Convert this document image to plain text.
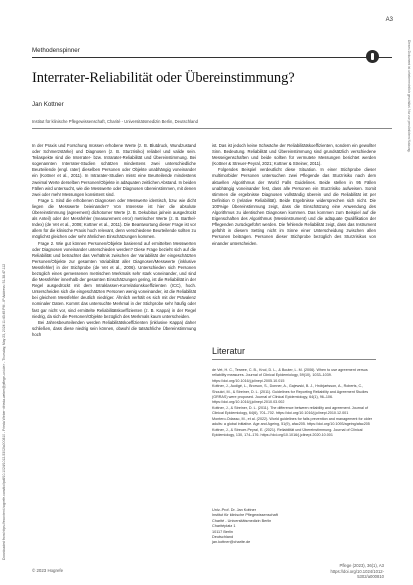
Downloaded from https://econtent.hogrefe.com/doi/pdf/10.1024/1012-5302/a000810 - Frieda Weber <frieda.weber@pflege-uni.de> - Thursday, May 23, 2024 11:43:45 PM - IP Address: 51.38.47.112
Dieses Dokument ist urheberrechtlich geschützt. Nur zur persönlichen Nutzung.
A3
Methodenspinner
Interrater-Reliabilität oder Übereinstimmung?
Jan Kottner
Institut für klinische Pflegewissenschaft, Charité - Universitätsmedizin Berlin, Deutschland

In der Praxis und Forschung müssen erhobene Werte (z. B. Blutdruck, Wundzustand oder Schmerzstärke) und Diagnosen (z. B. Sturzrisiko) reliabel und valide sein. Teilaspekte sind die Interrater- bzw. Intrarater-Reliabilität und Übereinstimmung. Bei sogenannten Interrater-Studien schätzen mindestens zwei unterschiedliche Beurteilende (engl. rater) dieselben Personen oder Objekte unabhängig voneinander ein (Kottner et al., 2011). In Intrarater-Studien misst eine Beurteilende mindestens zweimal Werte derselben Personen/Objekte in adäquaten zeitlichen Abstand. In beiden Fällen wird untersucht, wie die Messwerte oder Diagnosen übereinstimmen, mit denen zwei oder mehr Messungen konsistent sind.

Frage 1. Sind die erhobenen Diagnosen oder Messwerte identisch, bzw. wie dicht liegen die Messwerte beieinander? Von Interesse ist hier die absolute Übereinstimmung (agreement) dichotomer Werte (z. B. Dekubitus ja/nein ausgedrückt als Anteil) oder der Messfehler (measurement error) metrischer Werte (z. B. Barthel-Index) (de Vet et al., 2006; Kottner et al., 2011). Die Beantwortung dieser Frage ist vor allem für die klinische Praxis hoch relevant, denn verschiedene Beurteilende sollten zu möglichst gleichen oder sehr ähnlichen Einschätzungen kommen.

Frage 2. Wie gut können Personen/Objekte basierend auf ermittelten Messwerten oder Diagnosen voneinander unterschieden werden? Diese Frage bezieht sich auf die Reliabilität und betrachtet das Verhältnis zwischen der Variabilität der eingeschätzten Personen/Objekte zur gesamten Variabilität aller Diagnosen/Messwerte (inklusive Messfehler) in der Stichprobe (de Vet et al., 2006). Unterschieden sich Personen bezüglich eines gemessenen metrischen Merkmals sehr stark voneinander, und sind die Messfehler innerhalb der gesamten Einschätzungen gering, ist die Reliabilität in der Regel ausgedrückt mit dem Intraklassen-Korrelationskoeffizienten (ICC), hoch. Unterscheiden sich die eingeschätzten Personen wenig voneinander, ist die Reliabilität bei gleichem Messfehler deutlich niedriger. Ähnlich verhält es sich mit der Prävalenz nominaler Daten. Kommt das untersuchte Merkmal in der Stichprobe sehr häufig oder fast gar nicht vor, sind ermittelte Reliabilitätskoeffizienten (z. B. Kappa) in der Regel niedrig, da sich die Personen/Objekte bezüglich des Merkmals kaum unterscheiden.

Bei Jahresbeurteilenden werden Reliabilitätskoeffizienten (inklusive Kappa) daher schließen, dass diese niedrig sein können, obwohl die tatsächliche Übereinstimmung hoch

ist. Das ist jedoch keine Schwäche der Reliabilitätskoeffizienten, sondern ein gewollter Sinn. Bedeutung. Reliabilität und Übereinstimmung sind grundsätzlich verschiedene Messeigenschaften und beide sollten für vermutete Messungen berichtet werden (Kottner & Streuer-Peyral, 2021; Kottner & Streiner, 2011).

Folgendes Beispiel verdeutlicht diese Situation. In einer Stichprobe dieser multimorbider Personen untersuchen zwei Pflegende das Sturzrisiko nach dem aktuellen Algorithmus der World Falls Guidelines. Beide stellen in 95 Fällen unabhängig voneinander fest, dass alle Personen ein Sturzrisiko aufweisen. Somit stimmen die ergebnisse Diagnosen vollständig überein und die Reliabilität ist per Definition 0 (relative Reliabilität). Beide Ergebnisse widersprechen sich nicht. Die 100%ige Übereinstimmung zeigt, dass die Einschätzung eine Anwendung des Algorithmus zu identischen Diagnosen kommen. Das kommen zum Beispiel auf die Eigenschaften des Algorithmus (Messinstrument) und die adäquate Qualifikation der Pflegenden zurückgeführt werden. Die fehlende Reliabilität zeigt, dass das Instrument gefühlt in diesem Setting nicht im Sinne einer Unterscheidung zwischen allen Personen beitragen. Personen dieser Stichprobe bezüglich des Sturzrisikos von einander unterscheiden.

Literatur
de Vet, H. C., Terwee, C. B., Knol, D. L., & Bouter, L. M. (2006). When to use agreement versus reliability measures. Journal of Clinical Epidemiology, 59(10), 1033–1039. https://doi.org/10.1016/j.jclinepi.2005.10.015
Kottner, J., Audigé, L., Brorson, S., Donner, A., Gajewski, B. J., Hróbjartsson, A., Roberts, C., Shoukri, M., & Streiner, D. L. (2011). Guidelines for Reporting Reliability and Agreement Studies (GRRAS) were proposed. Journal of Clinical Epidemiology, 64(1), 96–106. https://doi.org/10.1016/j.jclinepi.2010.03.002
Kottner, J., & Streiner, D. L. (2011). The difference between reliability and agreement. Journal of Clinical Epidemiology, 64(6), 701–702. https://doi.org/10.1016/j.jclinepi.2010.12.001
Montero-Odasso, M., et al. (2022). World guidelines for falls prevention and management for older adults: a global initiative. Age and Ageing, 51(9), afac205. https://doi.org/10.1093/ageing/afac205
Kottner, J., & Streuer-Peyral, E. (2021). Reliabilität und Übereinstimmung. Journal of Clinical Epidemiology, 130, 174–176. https://doi.org/10.1016/j.jclinepi.2020.10.001
Univ.-Prof. Dr. Jan Kottner
Institut für klinische Pflegewissenschaft
Charité - Universitätsmedizin Berlin
Charitéplatz 1
10117 Berlin
Deutschland
jan.kottner@charite.de
© 2023 Hogrefe
Pflege (2023), 36(1), A3 https://doi.org/10.1024/1012-5302/a000810
